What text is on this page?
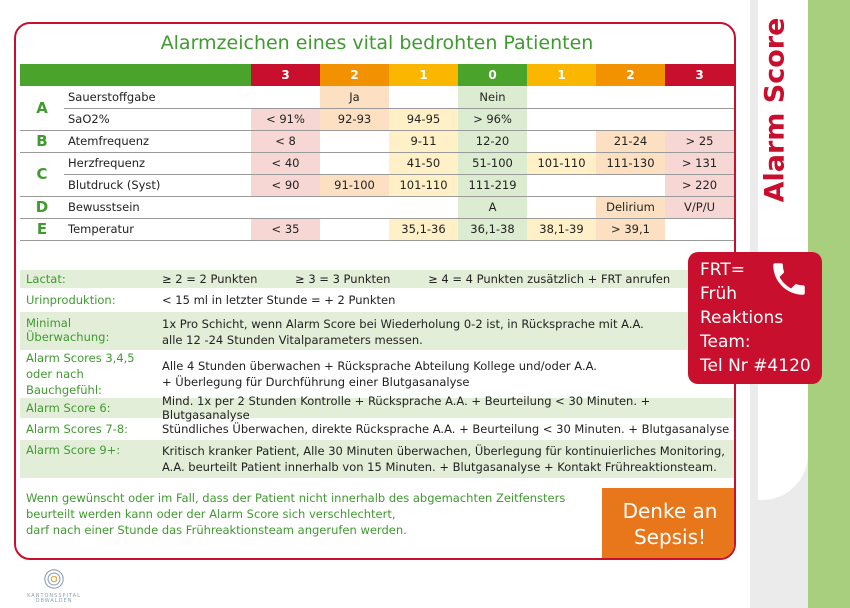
Alarm Score
Alarmzeichen eines vital bedrohten Patienten
		3	2	1	0	1	2	3
A	Sauerstoffgabe		Ja		Nein			
	SaO2%	< 91%	92-93	94-95	> 96%			
B	Atemfrequenz	< 8		9-11	12-20		21-24	> 25
C	Herzfrequenz	< 40		41-50	51-100	101-110	111-130	> 131
	Blutdruck (Syst)	< 90	91-100	101-110	111-219			> 220
D	Bewusstsein				A		Delirium	V/P/U
E	Temperatur	< 35		35,1-36	36,1-38	38,1-39	> 39,1	
Lactat:	≥ 2 = 2 Punkten	≥ 3 = 3 Punkten	≥ 4 = 4 Punkten zusätzlich + FRT anrufen
Urinproduktion:	< 15 ml in letzter Stunde = + 2 Punkten
Minimal Überwachung:
1x Pro Schicht, wenn Alarm Score bei Wiederholung 0-2 ist, in Rücksprache mit A.A.
alle 12 -24 Stunden Vitalparameters messen.
Alarm Scores 3,4,5
oder nach Bauchgefühl:
Alle 4 Stunden überwachen + Rücksprache Abteilung Kollege und/oder A.A.
+ Überlegung für Durchführung einer Blutgasanalyse
Alarm Score 6:	Mind. 1x per 2 Stunden Kontrolle + Rücksprache A.A. + Beurteilung < 30 Minuten. + Blutgasanalyse
Alarm Scores 7-8:	Stündliches Überwachen, direkte Rücksprache A.A. + Beurteilung < 30 Minuten. + Blutgasanalyse
Alarm Score 9+:	Kritisch kranker Patient, Alle 30 Minuten überwachen, Überlegung für kontinuierliches Monitoring,
A.A. beurteilt Patient innerhalb von 15 Minuten. + Blutgasanalyse + Kontakt Frühreaktionsteam.
Wenn gewünscht oder im Fall, dass der Patient nicht innerhalb des abgemachten Zeitfensters
beurteilt werden kann oder der Alarm Score sich verschlechtert,
darf nach einer Stunde das Frühreaktionsteam angerufen werden.
Denke an
Sepsis!
FRT=
Früh
Reaktions
Team:
Tel Nr #4120
KANTONSSPITAL
OBWALDEN
